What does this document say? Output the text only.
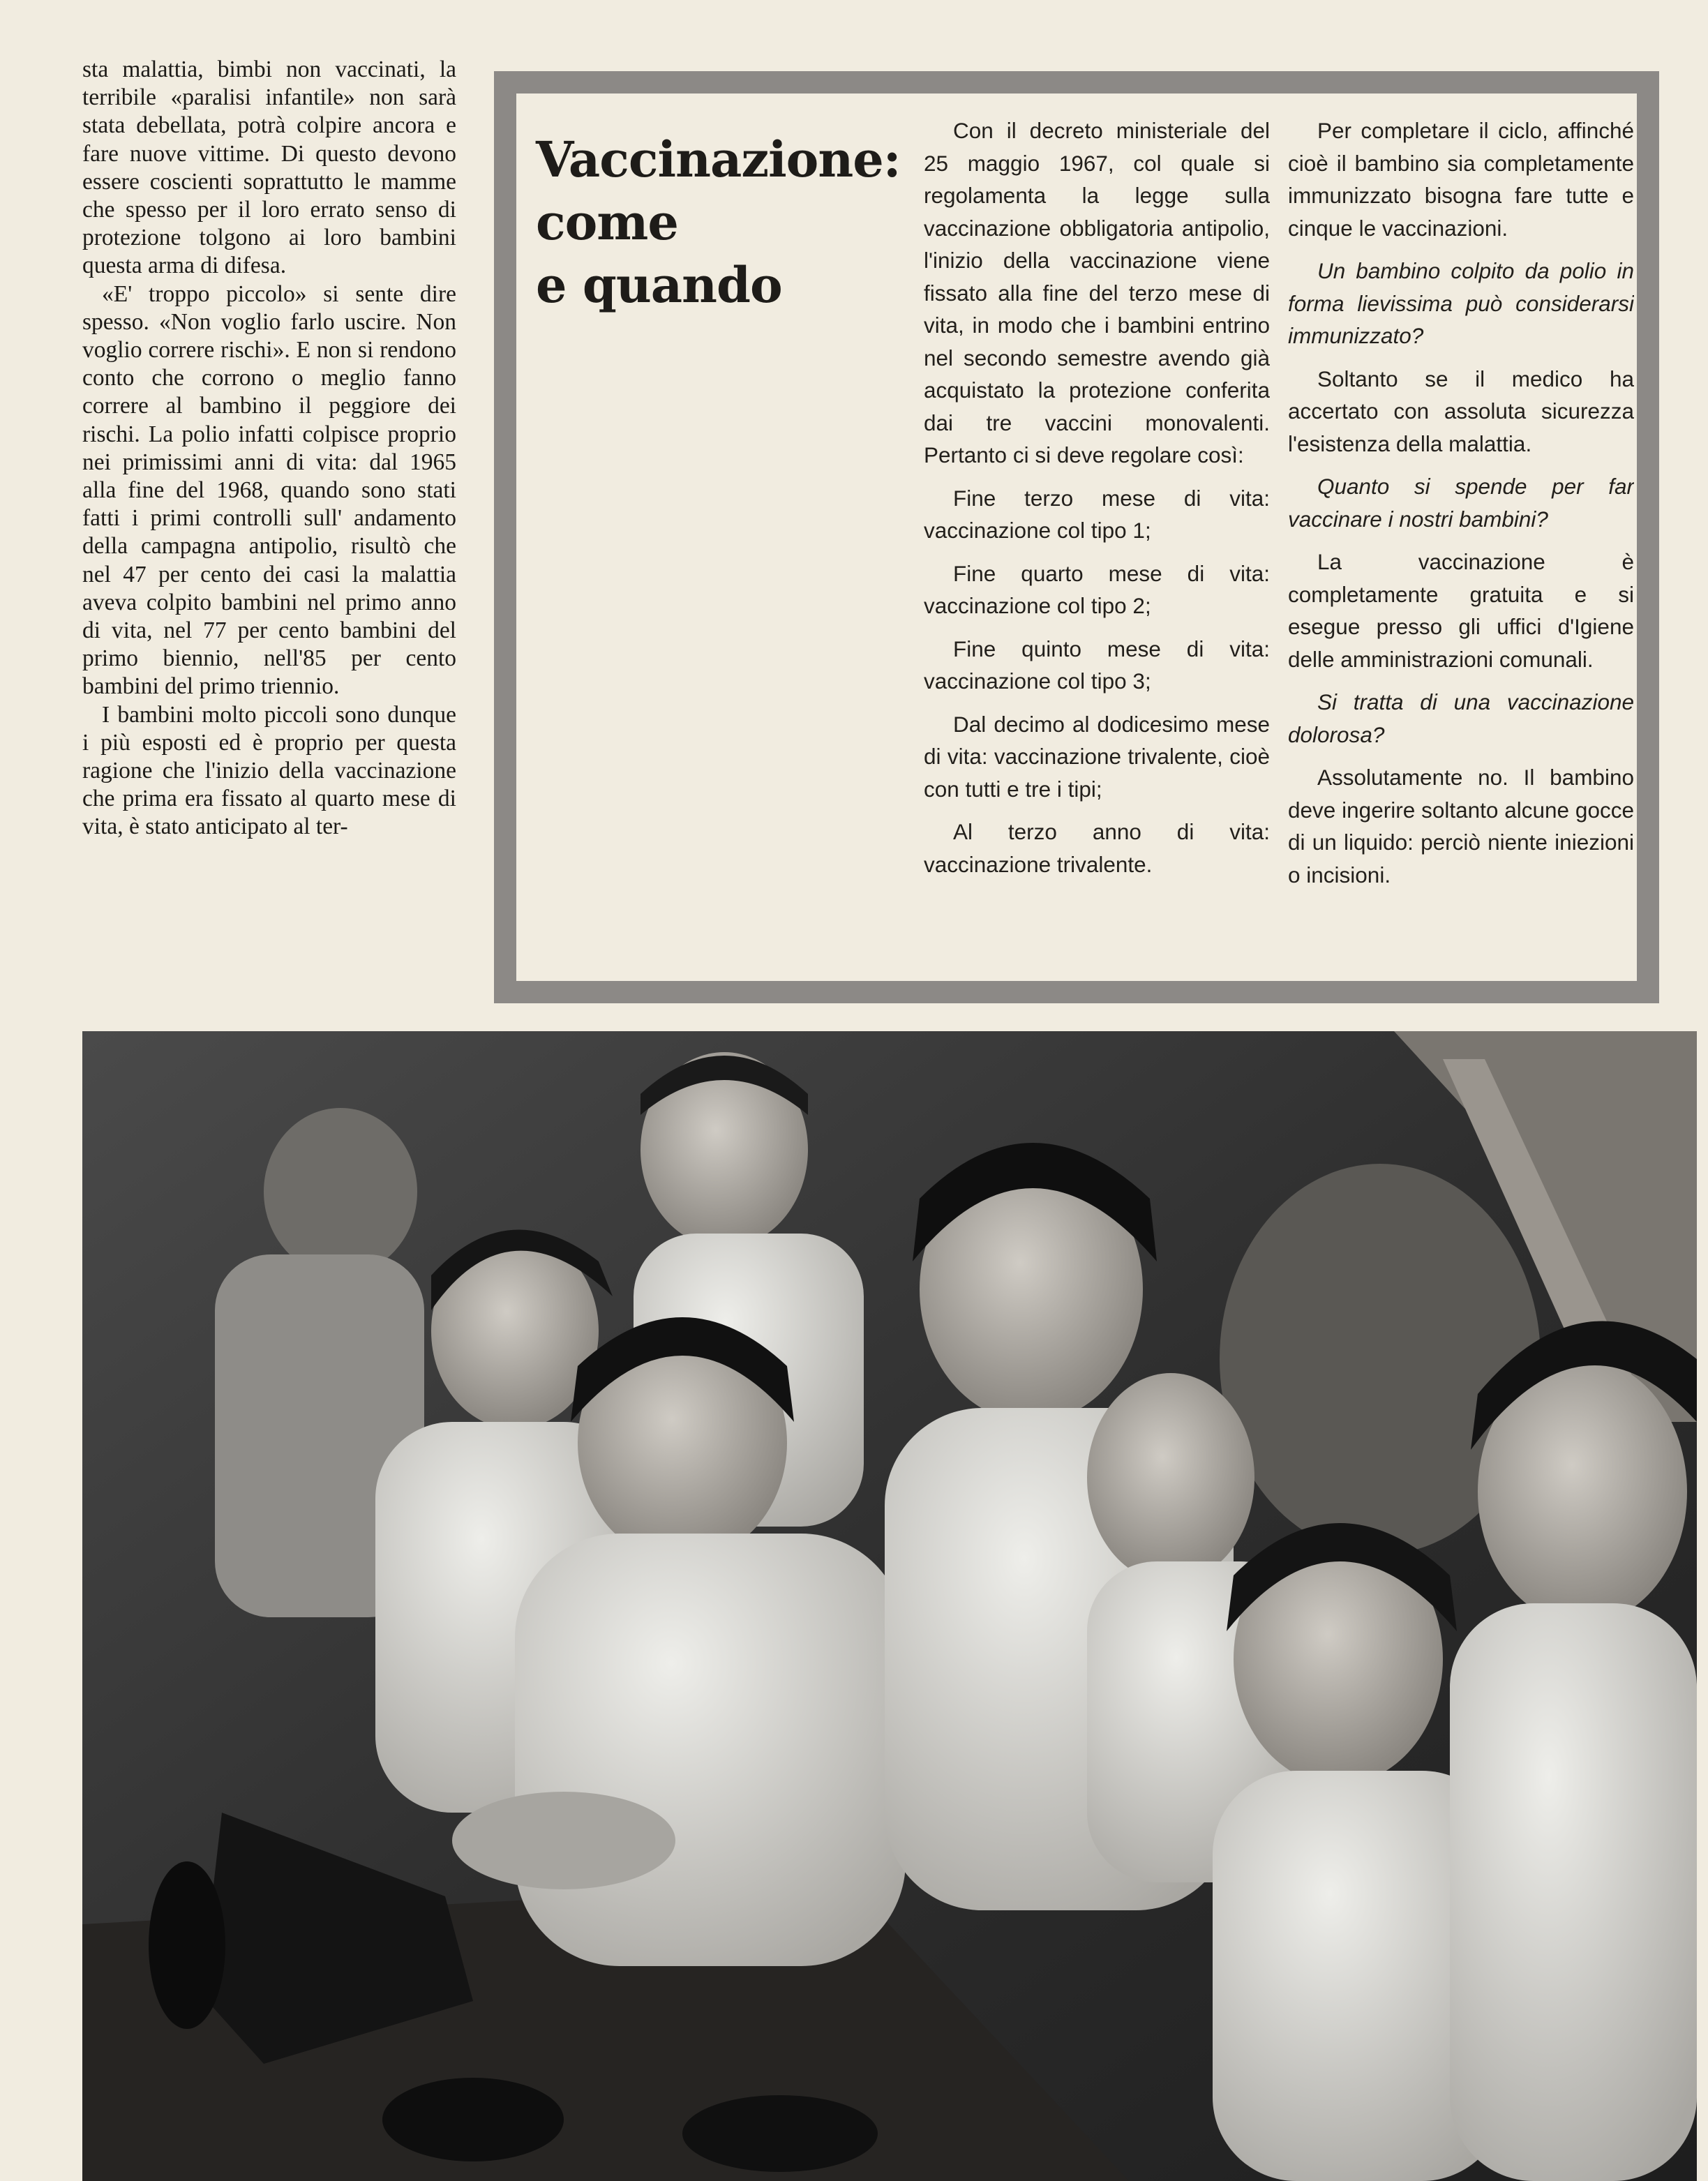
sta malattia, bimbi non vaccinati, la terribile «paralisi infantile» non sarà stata debellata, potrà colpire ancora e fare nuove vittime. Di questo devono essere coscienti soprattutto le mamme che spesso per il loro errato senso di protezione tolgono ai loro bambini questa arma di difesa.

«E' troppo piccolo» si sente dire spesso. «Non voglio farlo uscire. Non voglio correre rischi». E non si rendono conto che corrono o meglio fanno correre al bambino il peggiore dei rischi. La polio infatti colpisce proprio nei primissimi anni di vita: dal 1965 alla fine del 1968, quando sono stati fatti i primi controlli sull' andamento della campagna antipolio, risultò che nel 47 per cento dei casi la malattia aveva colpito bambini nel primo anno di vita, nel 77 per cento bambini del primo biennio, nell'85 per cento bambini del primo triennio.

I bambini molto piccoli sono dunque i più esposti ed è proprio per questa ragione che l'inizio della vaccinazione che prima era fissato al quarto mese di vita, è stato anticipato al ter-

Vaccinazione:
come
e quando

Con il decreto ministeriale del 25 maggio 1967, col quale si regolamenta la legge sulla vaccinazione obbligatoria antipolio, l'inizio della vaccinazione viene fissato alla fine del terzo mese di vita, in modo che i bambini entrino nel secondo semestre avendo già acquistato la protezione conferita dai tre vaccini monovalenti. Pertanto ci si deve regolare così:

Fine terzo mese di vita: vaccinazione col tipo 1;

Fine quarto mese di vita: vaccinazione col tipo 2;

Fine quinto mese di vita: vaccinazione col tipo 3;

Dal decimo al dodicesimo mese di vita: vaccinazione trivalente, cioè con tutti e tre i tipi;

Al terzo anno di vita: vaccinazione trivalente.

Per completare il ciclo, affinché cioè il bambino sia completamente immunizzato bisogna fare tutte e cinque le vaccinazioni.

Un bambino colpito da polio in forma lievissima può considerarsi immunizzato?

Soltanto se il medico ha accertato con assoluta sicurezza l'esistenza della malattia.

Quanto si spende per far vaccinare i nostri bambini?

La vaccinazione è completamente gratuita e si esegue presso gli uffici d'Igiene delle amministrazioni comunali.

Si tratta di una vaccinazione dolorosa?

Assolutamente no. Il bambino deve ingerire soltanto alcune gocce di un liquido: perciò niente iniezioni o incisioni.
